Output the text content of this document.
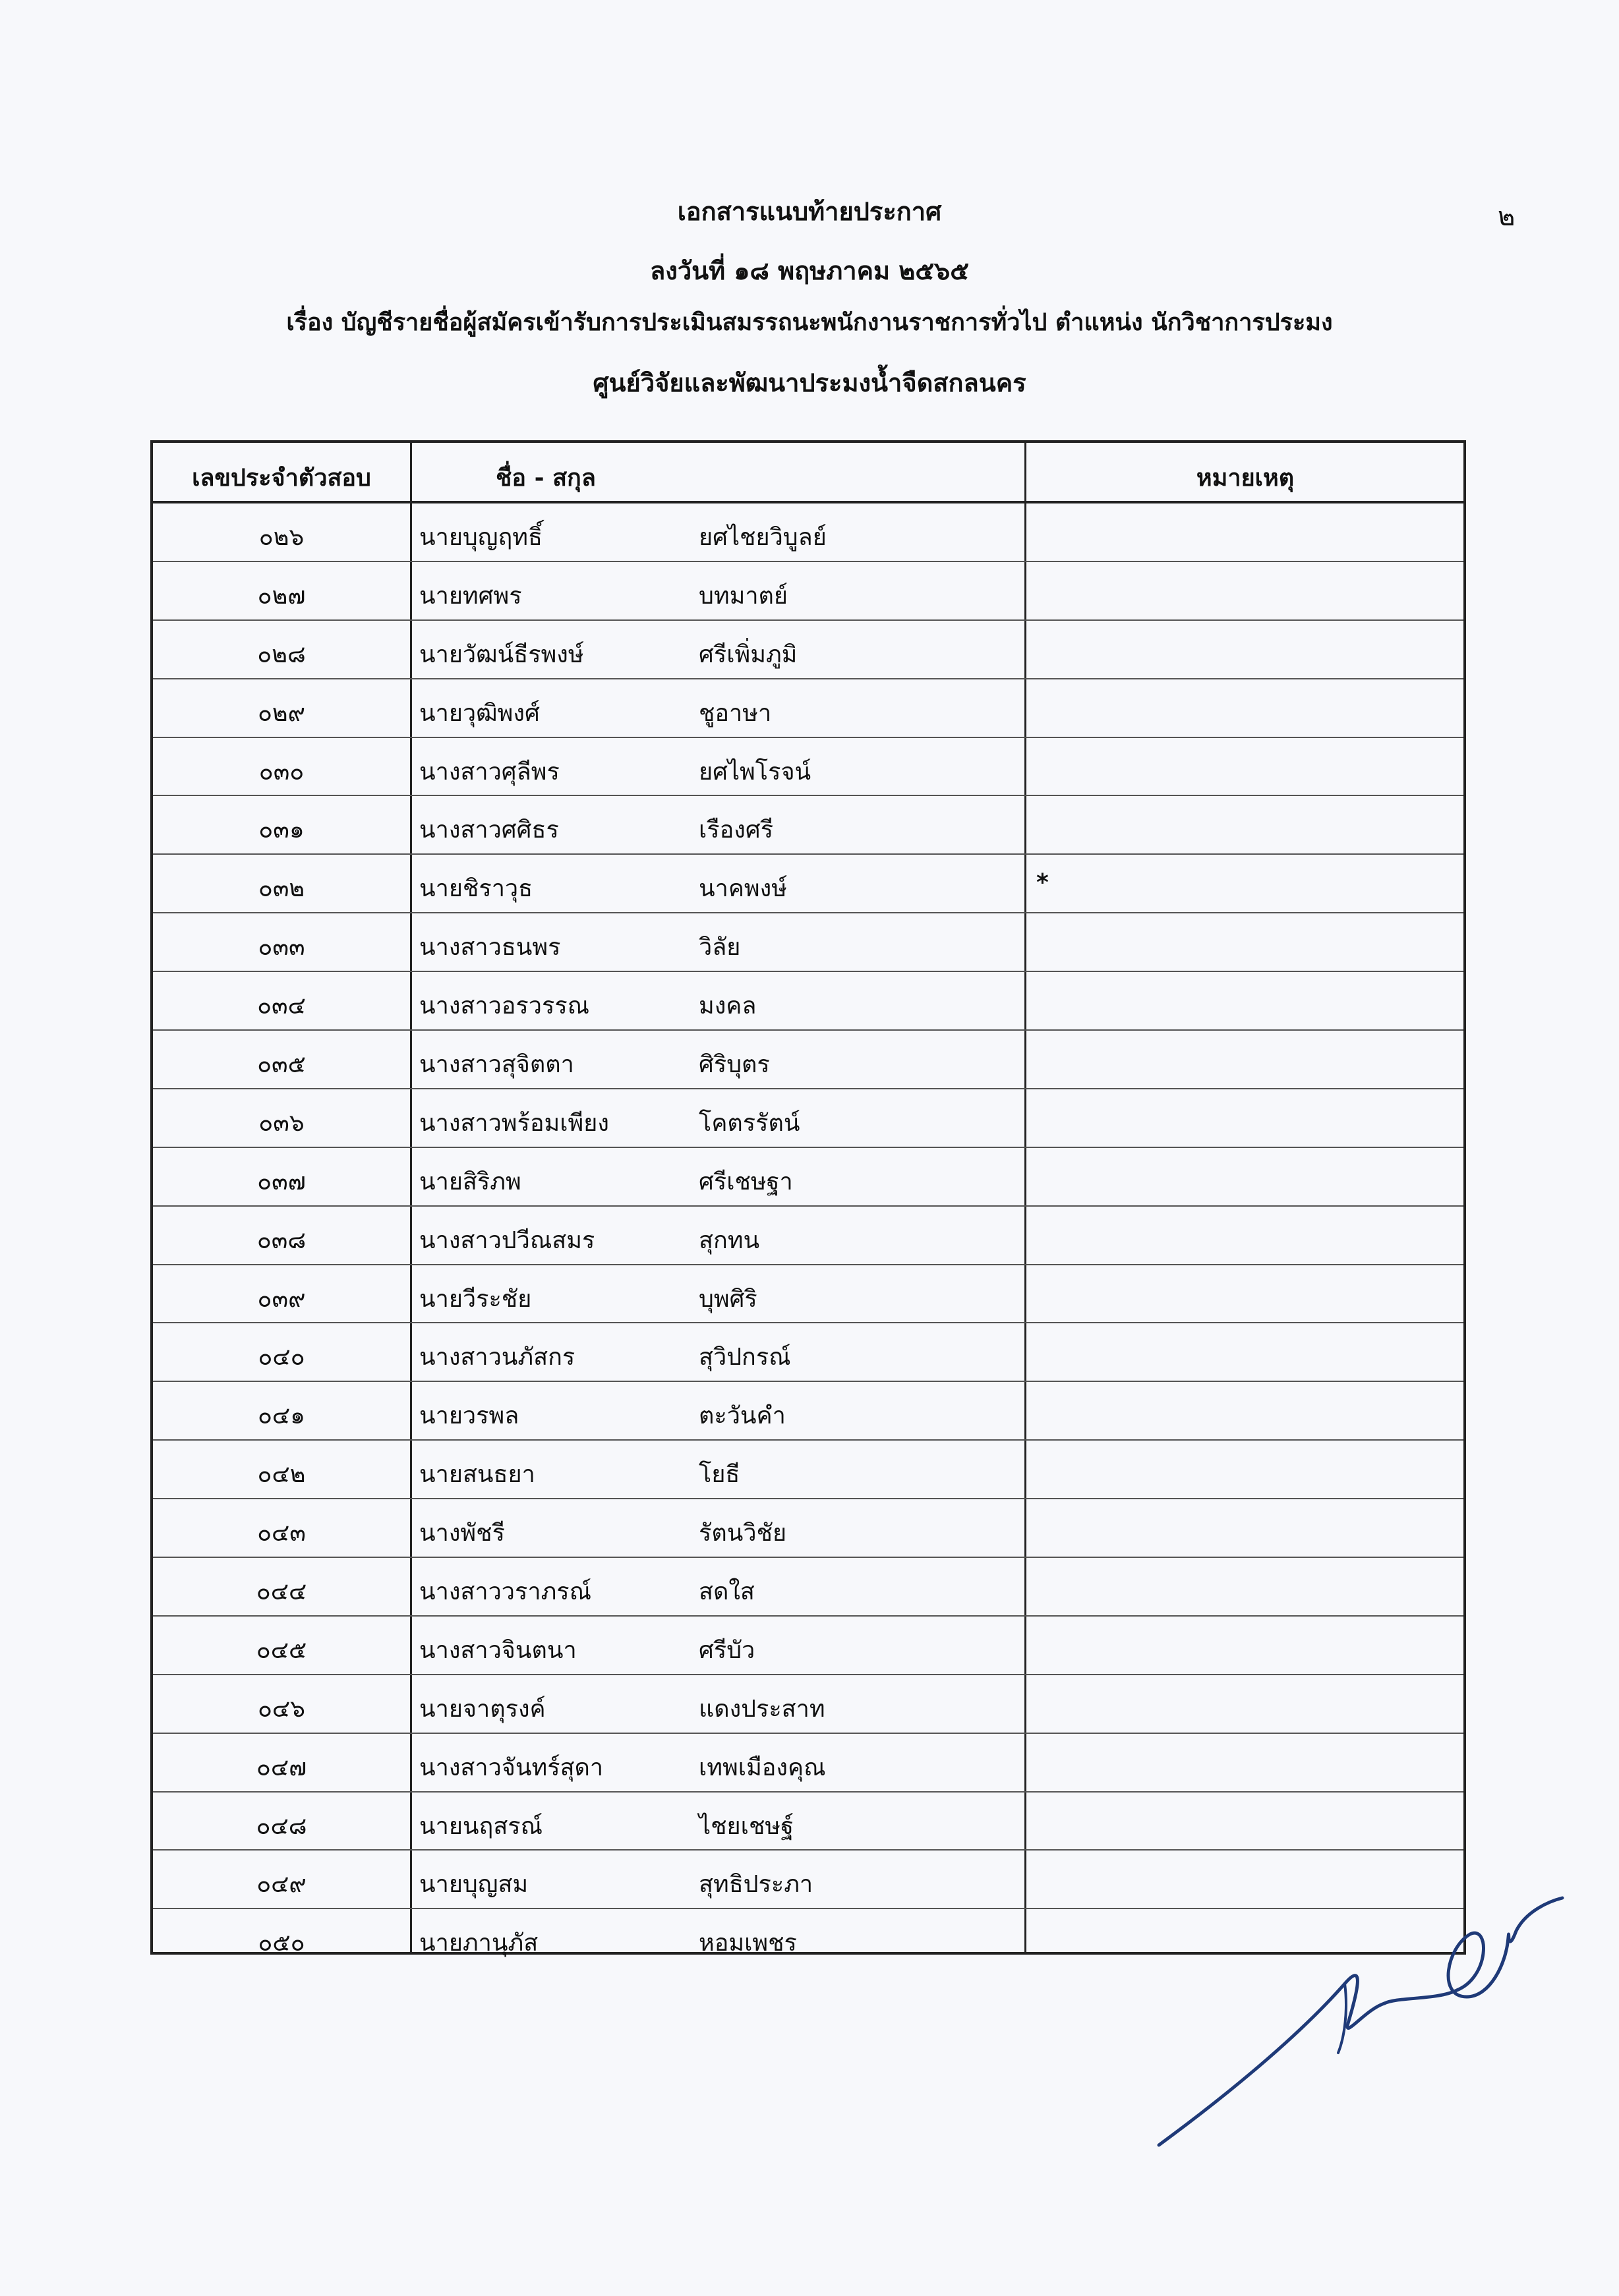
๒
เอกสารแนบท้ายประกาศ
ลงวันที่ ๑๘ พฤษภาคม ๒๕๖๕
เรื่อง บัญชีรายชื่อผู้สมัครเข้ารับการประเมินสมรรถนะพนักงานราชการทั่วไป ตำแหน่ง นักวิชาการประมง
ศูนย์วิจัยและพัฒนาประมงน้ำจืดสกลนคร
เลขประจำตัวสอบ	ชื่อ - สกุล	หมายเหตุ
๐๒๖	นายบุญฤทธิ์	ยศไชยวิบูลย์
๐๒๗	นายทศพร	บทมาตย์
๐๒๘	นายวัฒน์ธีรพงษ์	ศรีเพิ่มภูมิ
๐๒๙	นายวุฒิพงศ์	ชูอาษา
๐๓๐	นางสาวศุลีพร	ยศไพโรจน์
๐๓๑	นางสาวศศิธร	เรืองศรี
๐๓๒	นายชิราวุธ	นาคพงษ์	*
๐๓๓	นางสาวธนพร	วิลัย
๐๓๔	นางสาวอรวรรณ	มงคล
๐๓๕	นางสาวสุจิตตา	ศิริบุตร
๐๓๖	นางสาวพร้อมเพียง	โคตรรัตน์
๐๓๗	นายสิริภพ	ศรีเชษฐา
๐๓๘	นางสาวปวีณสมร	สุกทน
๐๓๙	นายวีระชัย	บุพศิริ
๐๔๐	นางสาวนภัสกร	สุวิปกรณ์
๐๔๑	นายวรพล	ตะวันคำ
๐๔๒	นายสนธยา	โยธี
๐๔๓	นางพัชรี	รัตนวิชัย
๐๔๔	นางสาววราภรณ์	สดใส
๐๔๕	นางสาวจินตนา	ศรีบัว
๐๔๖	นายจาตุรงค์	แดงประสาท
๐๔๗	นางสาวจันทร์สุดา	เทพเมืองคุณ
๐๔๘	นายนฤสรณ์	ไชยเชษฐ์
๐๔๙	นายบุญสม	สุทธิประภา
๐๕๐	นายภานุภัส	หอมเพชร
